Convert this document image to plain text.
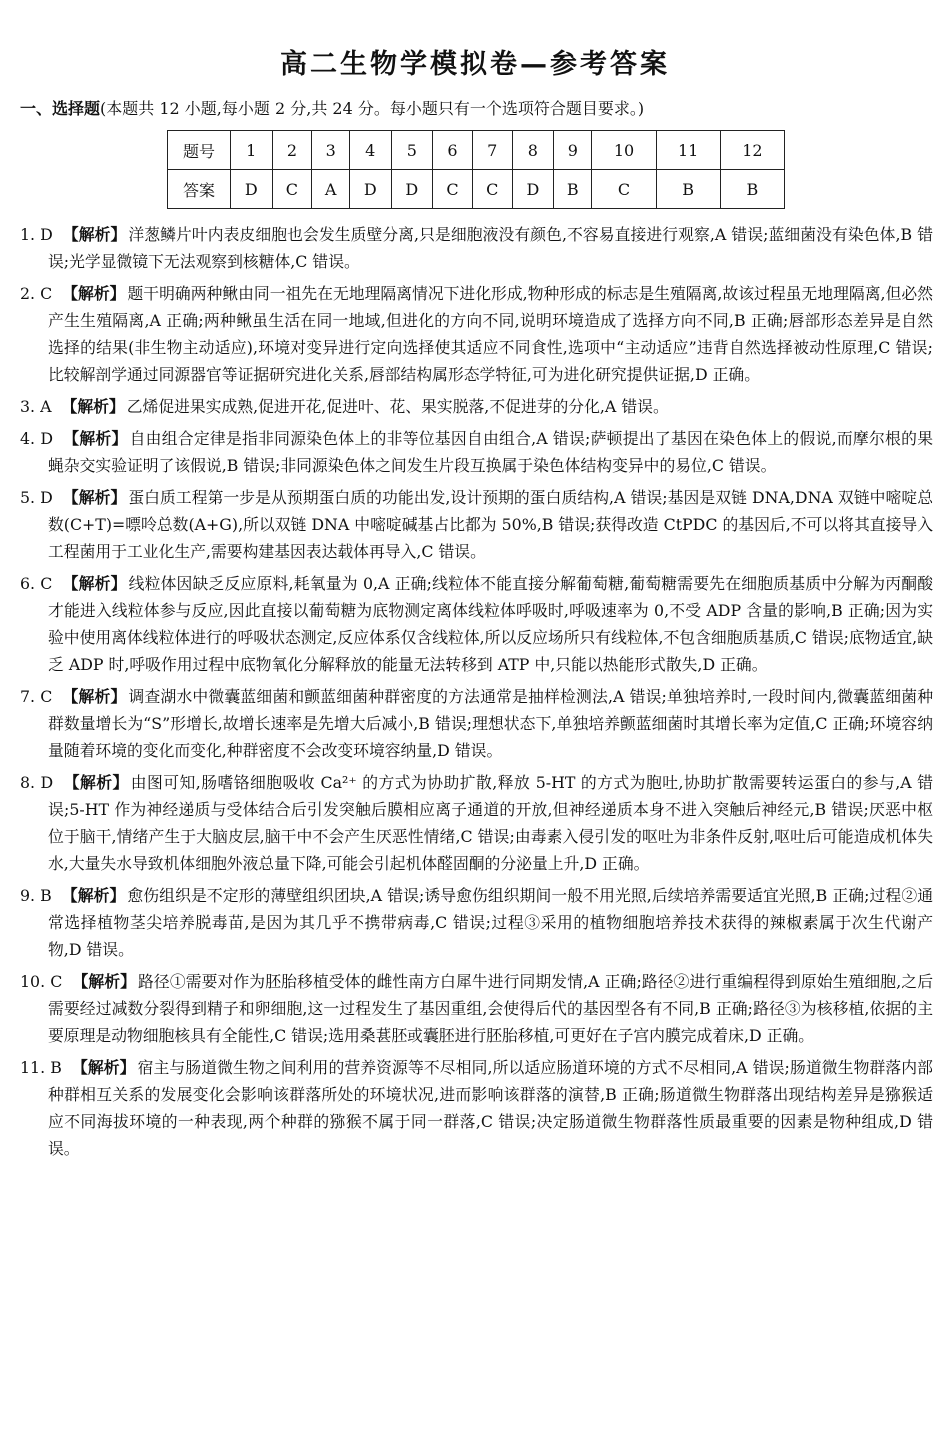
高二生物学模拟卷—参考答案
一、选择题(本题共 12 小题,每小题 2 分,共 24 分。每小题只有一个选项符合题目要求。)
题号	1	2	3	4	5	6	7	8	9	10	11	12
答案	D	C	A	D	D	C	C	D	B	C	B	B

1. D 【解析】 洋葱鳞片叶内表皮细胞也会发生质壁分离,只是细胞液没有颜色,不容易直接进行观察,A 错误;蓝细菌没有染色体,B 错误;光学显微镜下无法观察到核糖体,C 错误。

2. C 【解析】 题干明确两种鳅由同一祖先在无地理隔离情况下进化形成,物种形成的标志是生殖隔离,故该过程虽无地理隔离,但必然产生生殖隔离,A 正确;两种鳅虽生活在同一地域,但进化的方向不同,说明环境造成了选择方向不同,B 正确;唇部形态差异是自然选择的结果(非生物主动适应),环境对变异进行定向选择使其适应不同食性,选项中“主动适应”违背自然选择被动性原理,C 错误;比较解剖学通过同源器官等证据研究进化关系,唇部结构属形态学特征,可为进化研究提供证据,D 正确。

3. A 【解析】 乙烯促进果实成熟,促进开花,促进叶、花、果实脱落,不促进芽的分化,A 错误。

4. D 【解析】 自由组合定律是指非同源染色体上的非等位基因自由组合,A 错误;萨顿提出了基因在染色体上的假说,而摩尔根的果蝇杂交实验证明了该假说,B 错误;非同源染色体之间发生片段互换属于染色体结构变异中的易位,C 错误。

5. D 【解析】 蛋白质工程第一步是从预期蛋白质的功能出发,设计预期的蛋白质结构,A 错误;基因是双链 DNA,DNA 双链中嘧啶总数(C+T)=嘌呤总数(A+G),所以双链 DNA 中嘧啶碱基占比都为 50%,B 错误;获得改造 CtPDC 的基因后,不可以将其直接导入工程菌用于工业化生产,需要构建基因表达载体再导入,C 错误。

6. C 【解析】 线粒体因缺乏反应原料,耗氧量为 0,A 正确;线粒体不能直接分解葡萄糖,葡萄糖需要先在细胞质基质中分解为丙酮酸才能进入线粒体参与反应,因此直接以葡萄糖为底物测定离体线粒体呼吸时,呼吸速率为 0,不受 ADP 含量的影响,B 正确;因为实验中使用离体线粒体进行的呼吸状态测定,反应体系仅含线粒体,所以反应场所只有线粒体,不包含细胞质基质,C 错误;底物适宜,缺乏 ADP 时,呼吸作用过程中底物氧化分解释放的能量无法转移到 ATP 中,只能以热能形式散失,D 正确。

7. C 【解析】 调查湖水中微囊蓝细菌和颤蓝细菌种群密度的方法通常是抽样检测法,A 错误;单独培养时,一段时间内,微囊蓝细菌种群数量增长为“S”形增长,故增长速率是先增大后减小,B 错误;理想状态下,单独培养颤蓝细菌时其增长率为定值,C 正确;环境容纳量随着环境的变化而变化,种群密度不会改变环境容纳量,D 错误。

8. D 【解析】 由图可知,肠嗜铬细胞吸收 Ca²⁺ 的方式为协助扩散,释放 5-HT 的方式为胞吐,协助扩散需要转运蛋白的参与,A 错误;5-HT 作为神经递质与受体结合后引发突触后膜相应离子通道的开放,但神经递质本身不进入突触后神经元,B 错误;厌恶中枢位于脑干,情绪产生于大脑皮层,脑干中不会产生厌恶性情绪,C 错误;由毒素入侵引发的呕吐为非条件反射,呕吐后可能造成机体失水,大量失水导致机体细胞外液总量下降,可能会引起机体醛固酮的分泌量上升,D 正确。

9. B 【解析】 愈伤组织是不定形的薄壁组织团块,A 错误;诱导愈伤组织期间一般不用光照,后续培养需要适宜光照,B 正确;过程②通常选择植物茎尖培养脱毒苗,是因为其几乎不携带病毒,C 错误;过程③采用的植物细胞培养技术获得的辣椒素属于次生代谢产物,D 错误。

10. C 【解析】 路径①需要对作为胚胎移植受体的雌性南方白犀牛进行同期发情,A 正确;路径②进行重编程得到原始生殖细胞,之后需要经过减数分裂得到精子和卵细胞,这一过程发生了基因重组,会使得后代的基因型各有不同,B 正确;路径③为核移植,依据的主要原理是动物细胞核具有全能性,C 错误;选用桑葚胚或囊胚进行胚胎移植,可更好在子宫内膜完成着床,D 正确。

11. B 【解析】 宿主与肠道微生物之间利用的营养资源等不尽相同,所以适应肠道环境的方式不尽相同,A 错误;肠道微生物群落内部种群相互关系的发展变化会影响该群落所处的环境状况,进而影响该群落的演替,B 正确;肠道微生物群落出现结构差异是猕猴适应不同海拔环境的一种表现,两个种群的猕猴不属于同一群落,C 错误;决定肠道微生物群落性质最重要的因素是物种组成,D 错误。
